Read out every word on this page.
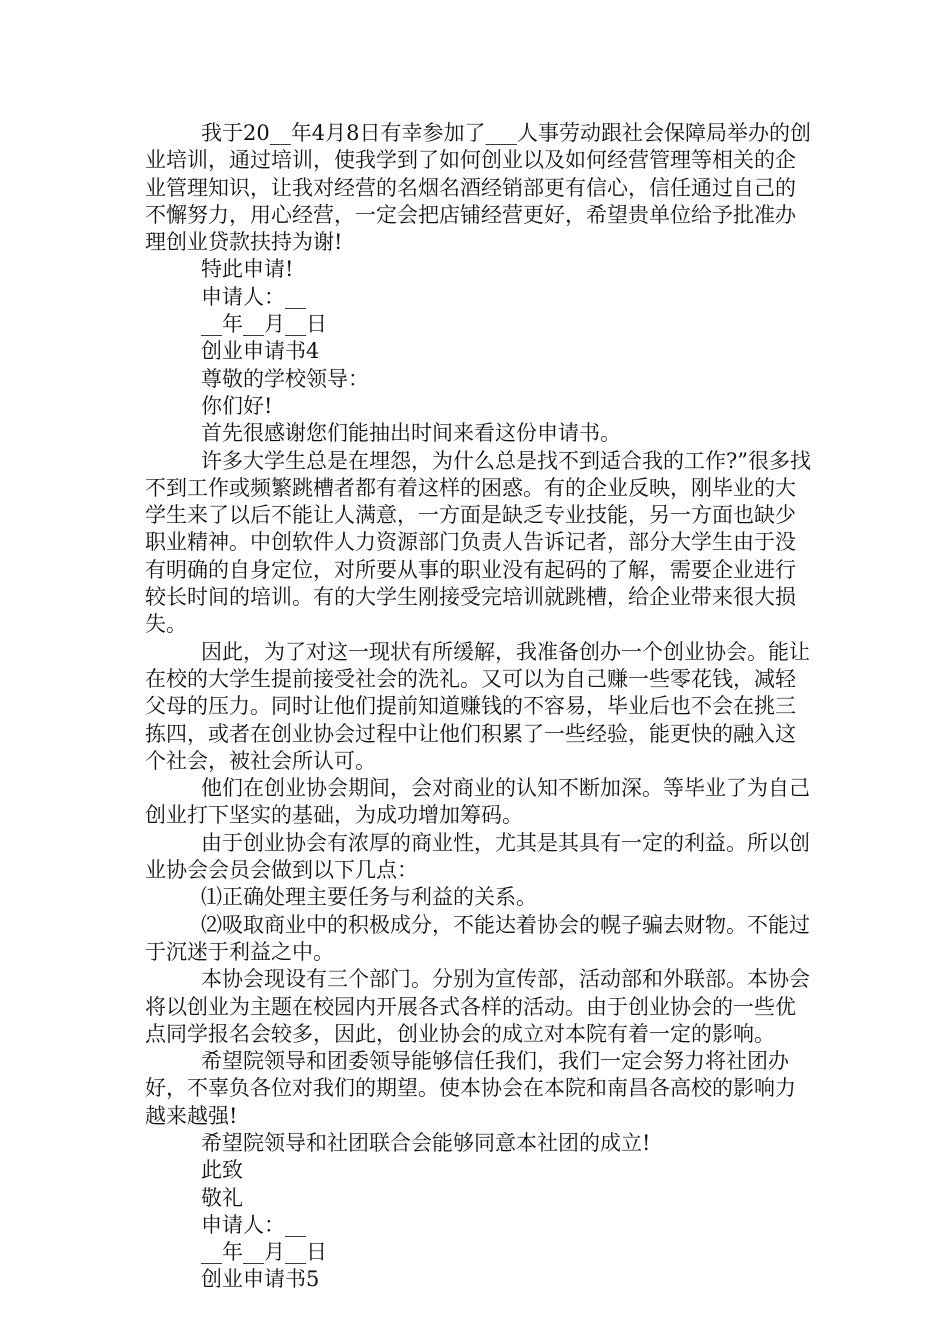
我于20__年4月8日有幸参加了___人事劳动跟社会保障局举办的创业培训，通过培训，使我学到了如何创业以及如何经营管理等相关的企业管理知识，让我对经营的名烟名酒经销部更有信心，信任通过自己的不懈努力，用心经营，一定会把店铺经营更好，希望贵单位给予批准办理创业贷款扶持为谢!

特此申请!

申请人：__

__年__月__日

创业申请书4

尊敬的学校领导：

你们好!

首先很感谢您们能抽出时间来看这份申请书。

许多大学生总是在埋怨，为什么总是找不到适合我的工作?”很多找不到工作或频繁跳槽者都有着这样的困惑。有的企业反映，刚毕业的大学生来了以后不能让人满意，一方面是缺乏专业技能，另一方面也缺少职业精神。中创软件人力资源部门负责人告诉记者，部分大学生由于没有明确的自身定位，对所要从事的职业没有起码的了解，需要企业进行较长时间的培训。有的大学生刚接受完培训就跳槽，给企业带来很大损失。

因此，为了对这一现状有所缓解，我准备创办一个创业协会。能让在校的大学生提前接受社会的洗礼。又可以为自己赚一些零花钱，减轻父母的压力。同时让他们提前知道赚钱的不容易，毕业后也不会在挑三拣四，或者在创业协会过程中让他们积累了一些经验，能更快的融入这个社会，被社会所认可。

他们在创业协会期间，会对商业的认知不断加深。等毕业了为自己创业打下坚实的基础，为成功增加筹码。

由于创业协会有浓厚的商业性，尤其是其具有一定的利益。所以创业协会会员会做到以下几点：

⑴正确处理主要任务与利益的关系。

⑵吸取商业中的积极成分，不能达着协会的幌子骗去财物。不能过于沉迷于利益之中。

本协会现设有三个部门。分别为宣传部，活动部和外联部。本协会将以创业为主题在校园内开展各式各样的活动。由于创业协会的一些优点同学报名会较多，因此，创业协会的成立对本院有着一定的影响。

希望院领导和团委领导能够信任我们，我们一定会努力将社团办好，不辜负各位对我们的期望。使本协会在本院和南昌各高校的影响力越来越强!

希望院领导和社团联合会能够同意本社团的成立!

此致

敬礼

申请人：__

__年__月__日

创业申请书5
